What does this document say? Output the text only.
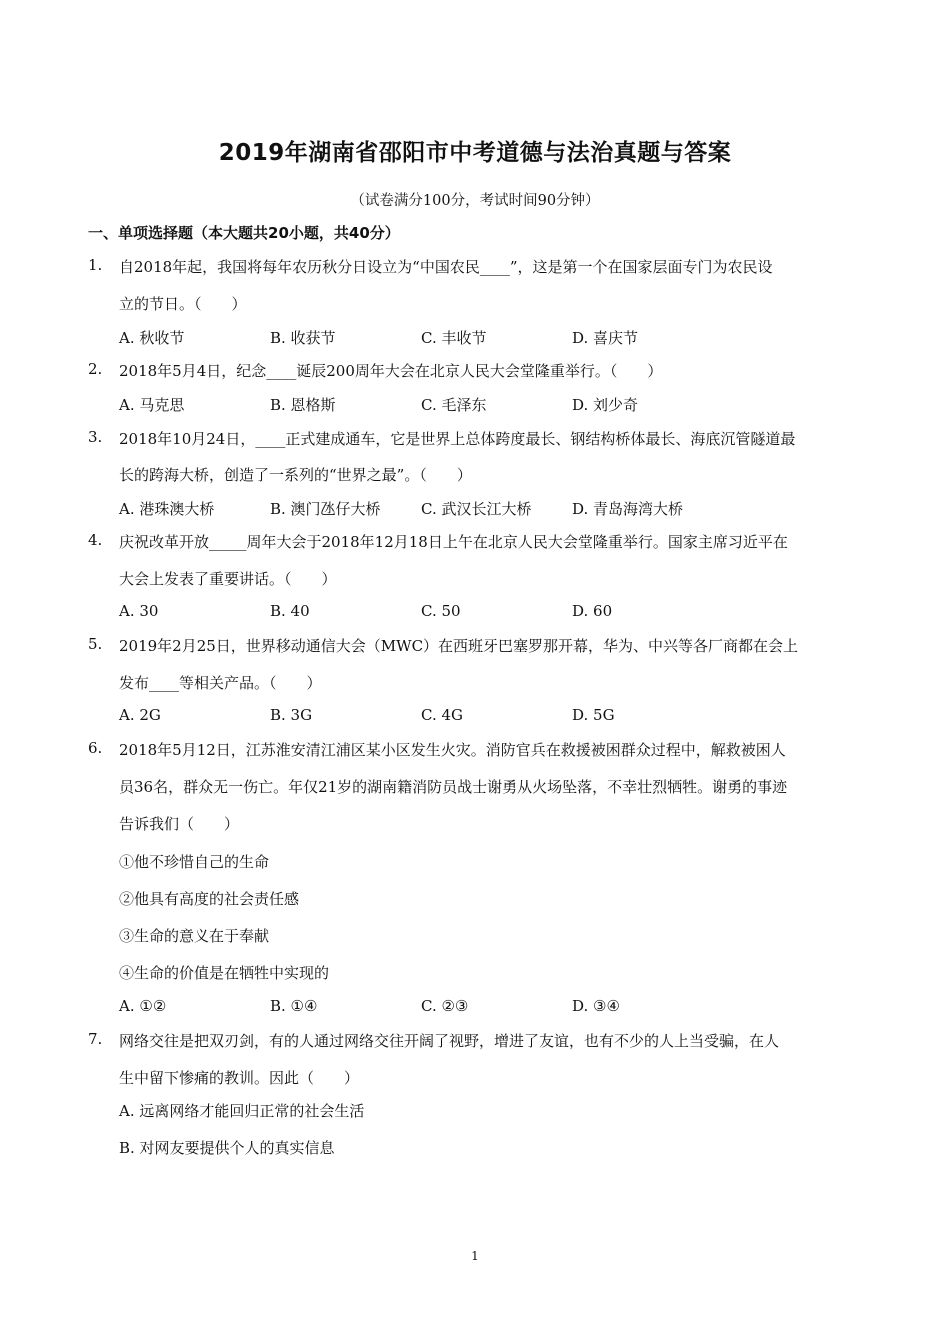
2019年湖南省邵阳市中考道德与法治真题与答案
（试卷满分100分，考试时间90分钟）
一、单项选择题（本大题共20小题，共40分）
1. 自2018年起，我国将每年农历秋分日设立为“中国农民____”，这是第一个在国家层面专门为农民设
立的节日。（　　）
A. 秋收节	B. 收获节	C. 丰收节	D. 喜庆节
2. 2018年5月4日，纪念____诞辰200周年大会在北京人民大会堂隆重举行。（　　）
A. 马克思	B. 恩格斯	C. 毛泽东	D. 刘少奇
3. 2018年10月24日，____正式建成通车，它是世界上总体跨度最长、钢结构桥体最长、海底沉管隧道最
长的跨海大桥，创造了一系列的“世界之最”。（　　）
A. 港珠澳大桥	B. 澳门氹仔大桥	C. 武汉长江大桥	D. 青岛海湾大桥
4. 庆祝改革开放_____周年大会于2018年12月18日上午在北京人民大会堂隆重举行。国家主席习近平在
大会上发表了重要讲话。（　　）
A. 30	B. 40	C. 50	D. 60
5. 2019年2月25日，世界移动通信大会（MWC）在西班牙巴塞罗那开幕，华为、中兴等各厂商都在会上
发布____等相关产品。（　　）
A. 2G	B. 3G	C. 4G	D. 5G
6. 2018年5月12日，江苏淮安清江浦区某小区发生火灾。消防官兵在救援被困群众过程中，解救被困人
员36名，群众无一伤亡。年仅21岁的湖南籍消防员战士谢勇从火场坠落，不幸壮烈牺牲。谢勇的事迹
告诉我们（　　）
①他不珍惜自己的生命
②他具有高度的社会责任感
③生命的意义在于奉献
④生命的价值是在牺牲中实现的
A. ①②	B. ①④	C. ②③	D. ③④
7. 网络交往是把双刃剑，有的人通过网络交往开阔了视野，增进了友谊，也有不少的人上当受骗，在人
生中留下惨痛的教训。因此（　　）
A. 远离网络才能回归正常的社会生活
B. 对网友要提供个人的真实信息
1
